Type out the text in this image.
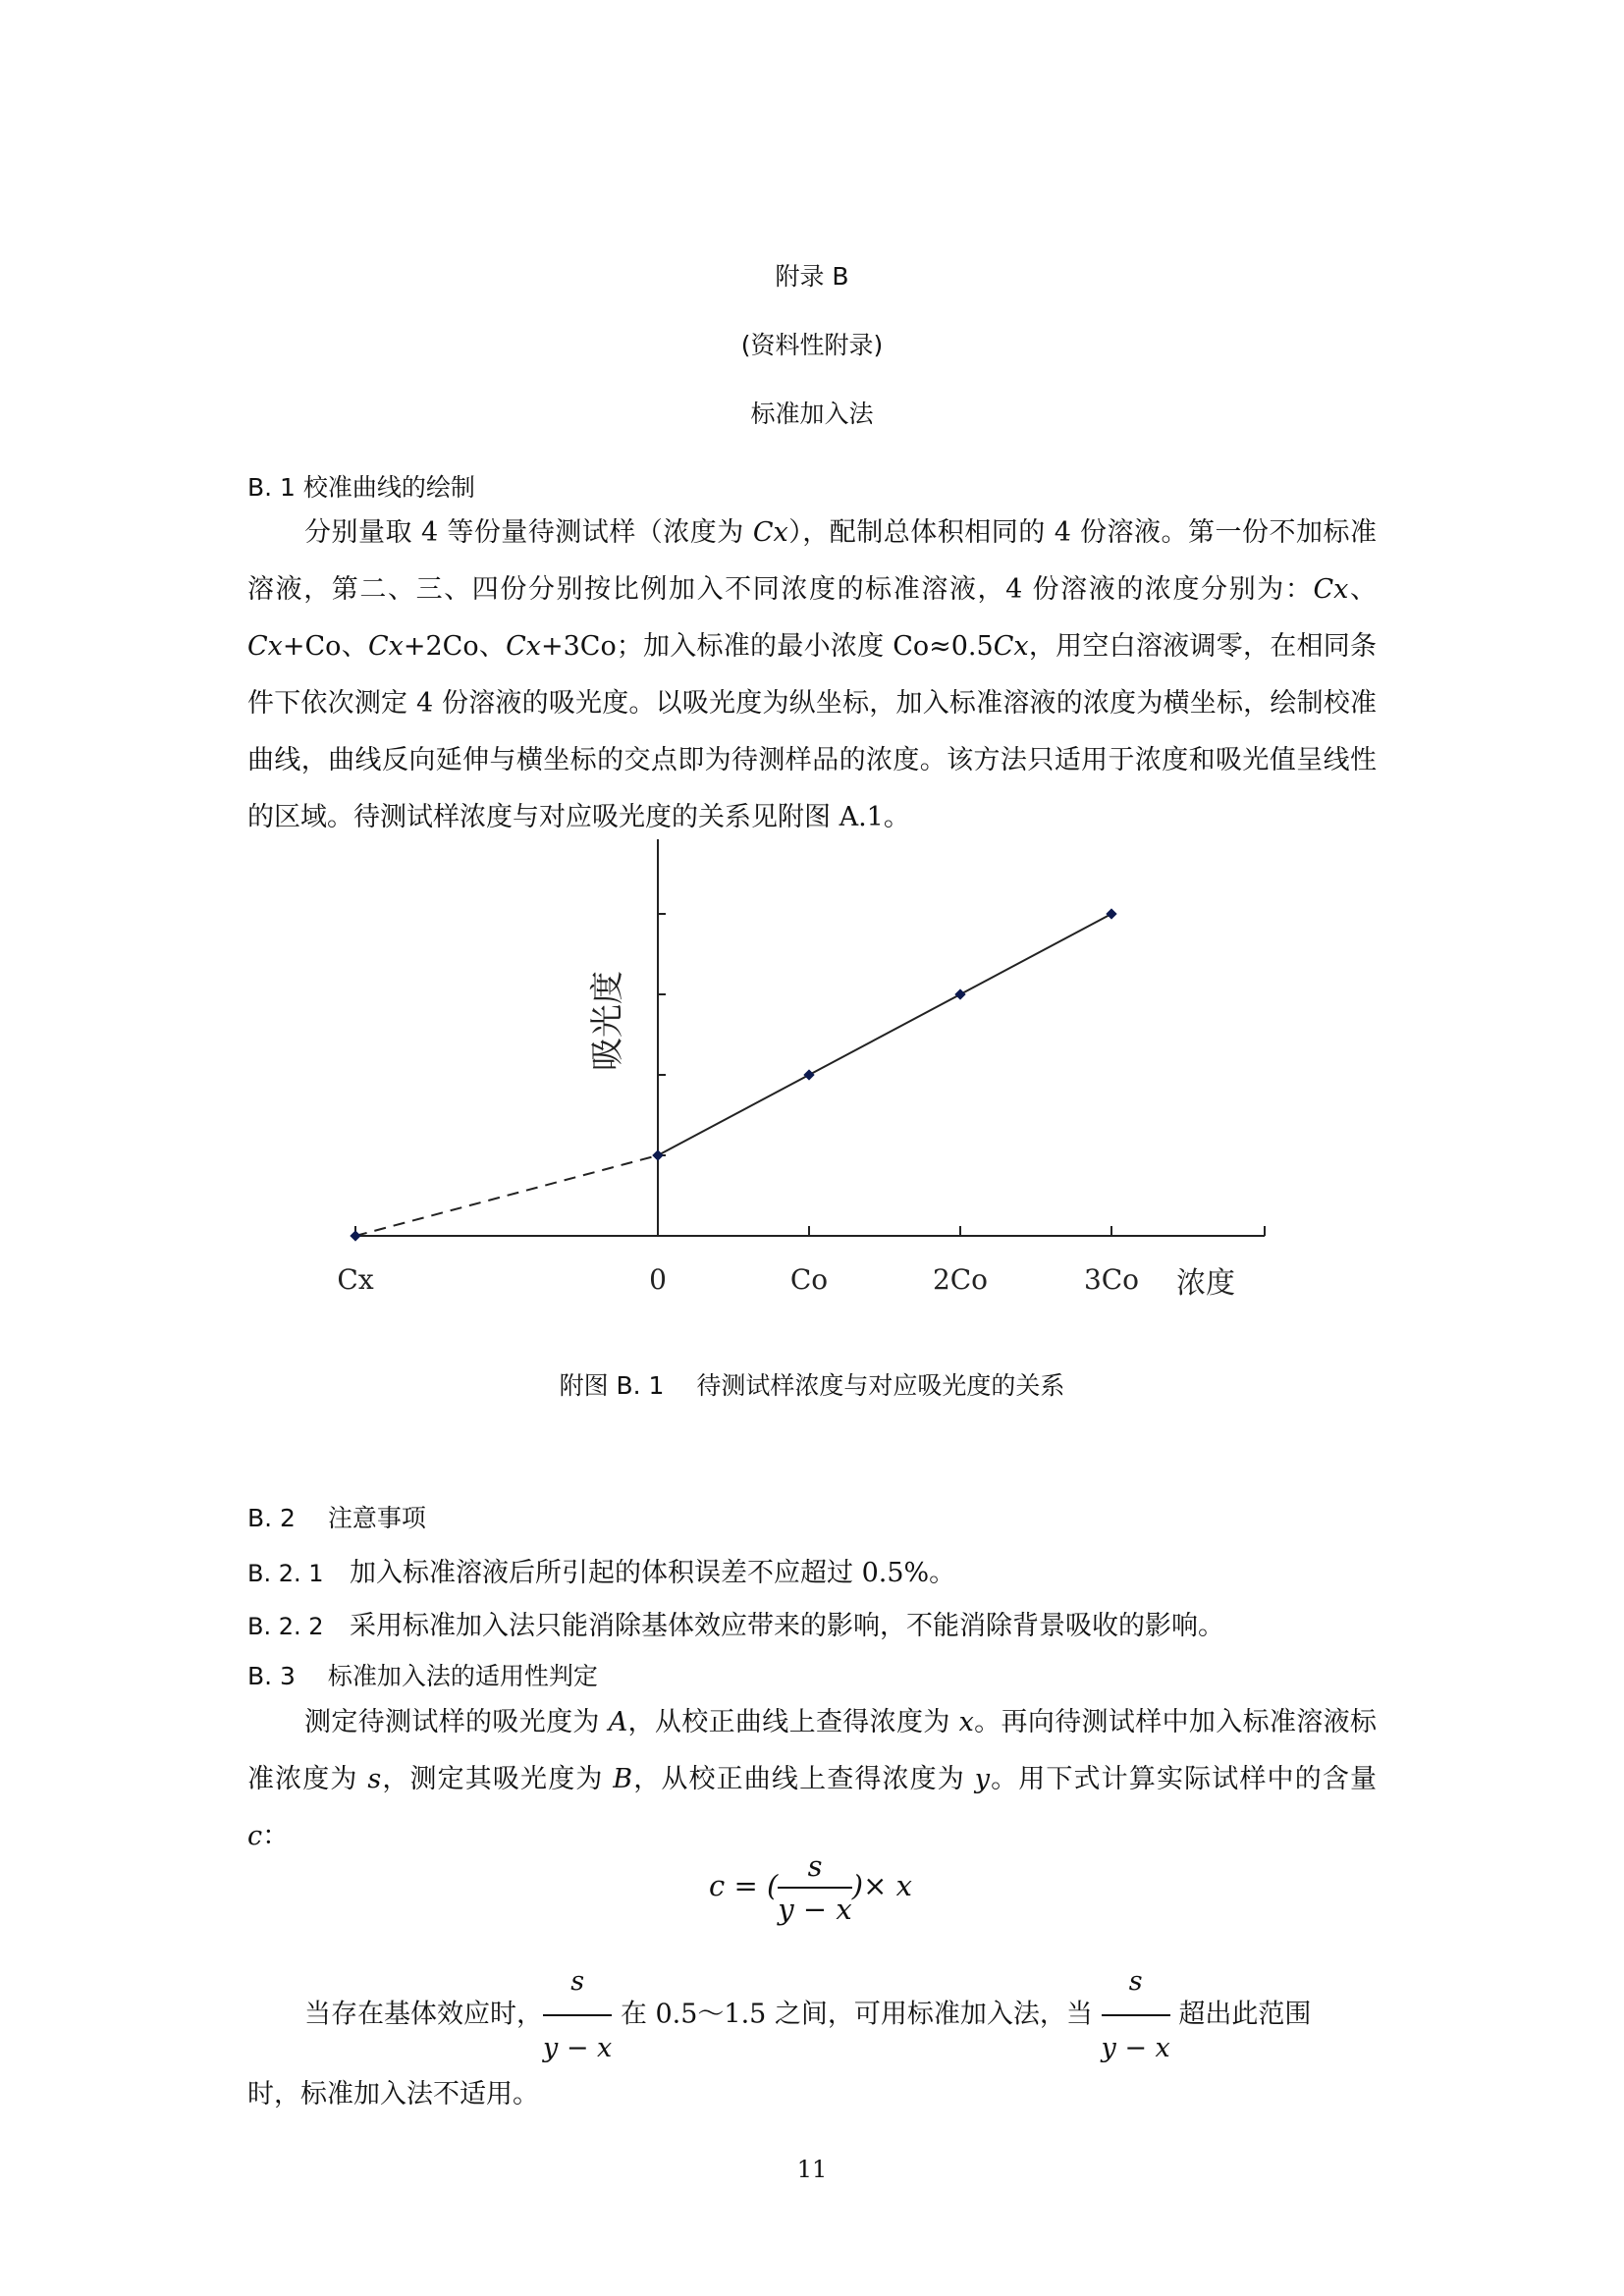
附录 B
(资料性附录)
标准加入法
B. 1 校准曲线的绘制
分别量取 4 等份量待测试样（浓度为 Cx），配制总体积相同的 4 份溶液。第一份不加标准溶液，第二、三、四份分别按比例加入不同浓度的标准溶液，4 份溶液的浓度分别为：Cx、Cx+Co、Cx+2Co、Cx+3Co；加入标准的最小浓度 Co≈0.5Cx，用空白溶液调零，在相同条件下依次测定 4 份溶液的吸光度。以吸光度为纵坐标，加入标准溶液的浓度为横坐标，绘制校准曲线，曲线反向延伸与横坐标的交点即为待测样品的浓度。该方法只适用于浓度和吸光值呈线性的区域。待测试样浓度与对应吸光度的关系见附图 A.1。
Cx	0	Co	2Co	3Co 浓度
吸光度
附图 B. 1　 待测试样浓度与对应吸光度的关系
B. 2　 注意事项
B. 2. 1 加入标准溶液后所引起的体积误差不应超过 0.5%。
B. 2. 2 采用标准加入法只能消除基体效应带来的影响，不能消除背景吸收的影响。
B. 3　 标准加入法的适用性判定
测定待测试样的吸光度为 A，从校正曲线上查得浓度为 x。再向待测试样中加入标准溶液标准浓度为 s，测定其吸光度为 B，从校正曲线上查得浓度为 y。用下式计算实际试样中的含量 c：
c = ( $\frac{s}{y - x}$ )× x
当存在基体效应时， $\frac{s}{y - x}$ 在 0.5～1.5 之间，可用标准加入法，当 $\frac{s}{y - x}$ 超出此范围
时，标准加入法不适用。
11
